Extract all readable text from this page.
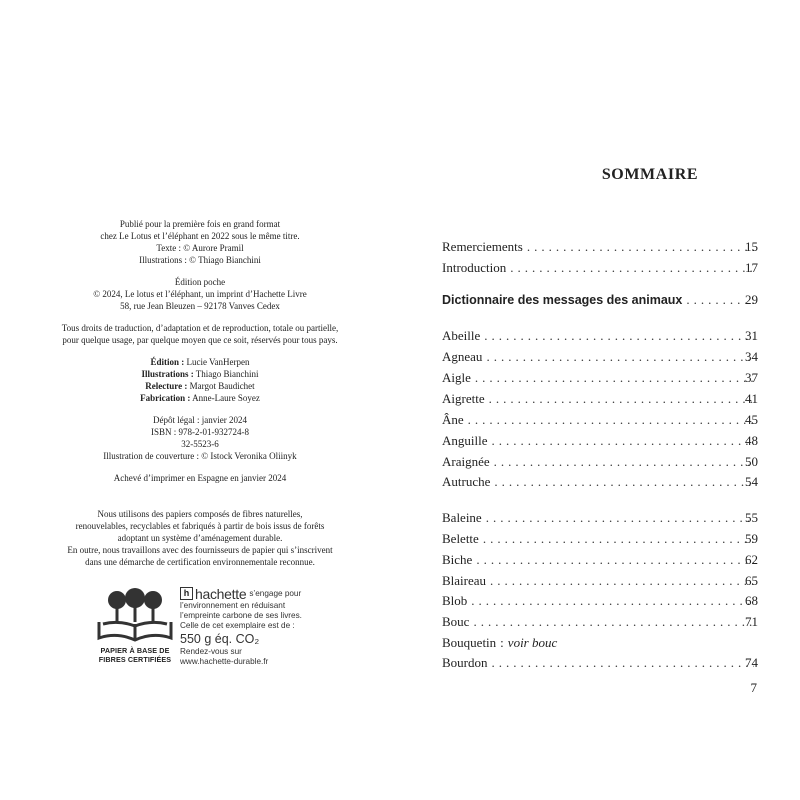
Publié pour la première fois en grand format
chez Le Lotus et l’éléphant en 2022 sous le même titre.
Texte : © Aurore Pramil
Illustrations : © Thiago Bianchini
Édition poche
© 2024, Le lotus et l’éléphant, un imprint d’Hachette Livre
58, rue Jean Bleuzen – 92178 Vanves Cedex
Tous droits de traduction, d’adaptation et de reproduction, totale ou partielle,
pour quelque usage, par quelque moyen que ce soit, réservés pour tous pays.
Édition : Lucie VanHerpen
Illustrations : Thiago Bianchini
Relecture : Margot Baudichet
Fabrication : Anne-Laure Soyez
Dépôt légal : janvier 2024
ISBN : 978-2-01-932724-8
32-5523-6
Illustration de couverture : © Istock Veronika Oliinyk
Achevé d’imprimer en Espagne en janvier 2024
Nous utilisons des papiers composés de fibres naturelles,
renouvelables, recyclables et fabriqués à partir de bois issus de forêts
adoptant un système d’aménagement durable.
En outre, nous travaillons avec des fournisseurs de papier qui s’inscrivent
dans une démarche de certification environnementale reconnue.
PAPIER À BASE DE
FIBRES CERTIFIÉES
h hachette s’engage pour
l’environnement en réduisant
l’empreinte carbone de ses livres.
Celle de cet exemplaire est de :
550 g éq. CO₂
Rendez-vous sur
www.hachette-durable.fr
SOMMAIRE
Remerciements .....	15
Introduction .....	17
Dictionnaire des messages des animaux .....	29
Abeille .....	31
Agneau .....	34
Aigle .....	37
Aigrette .....	41
Âne .....	45
Anguille .....	48
Araignée .....	50
Autruche .....	54
Baleine .....	55
Belette .....	59
Biche .....	62
Blaireau .....	65
Blob .....	68
Bouc .....	71
Bouquetin : voir bouc
Bourdon .....	74
7
